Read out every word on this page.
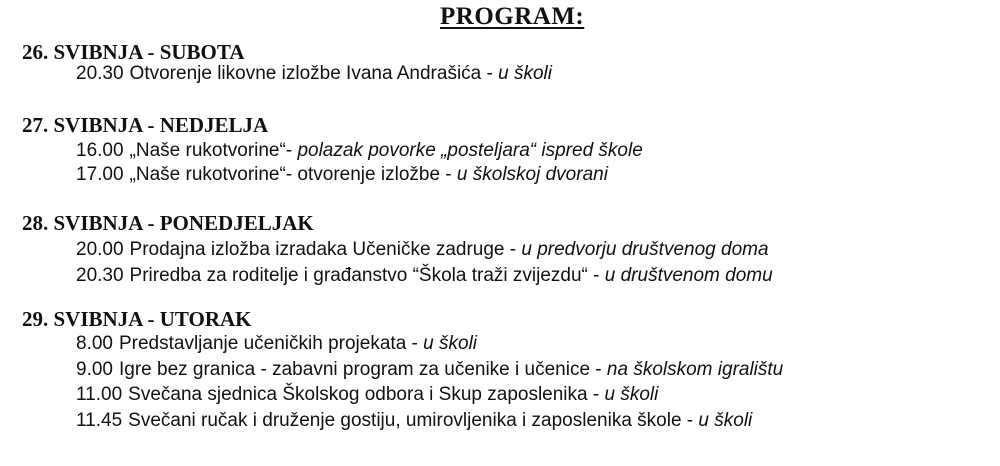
PROGRAM:
26. SVIBNJA - SUBOTA
20.30 Otvorenje likovne izložbe Ivana Andrašića - u školi
27. SVIBNJA - NEDJELJA
16.00 „Naše rukotvorine“- polazak povorke „posteljara“ ispred škole
17.00 „Naše rukotvorine“- otvorenje izložbe - u školskoj dvorani
28. SVIBNJA - PONEDJELJAK
20.00 Prodajna izložba izradaka Učeničke zadruge - u predvorju društvenog doma
20.30 Priredba za roditelje i građanstvo “Škola traži zvijezdu“ - u društvenom domu
29. SVIBNJA - UTORAK
8.00 Predstavljanje učeničkih projekata - u školi
9.00 Igre bez granica - zabavni program za učenike i učenice - na školskom igralištu
11.00 Svečana sjednica Školskog odbora i Skup zaposlenika - u školi
11.45 Svečani ručak i druženje gostiju, umirovljenika i zaposlenika škole - u školi
